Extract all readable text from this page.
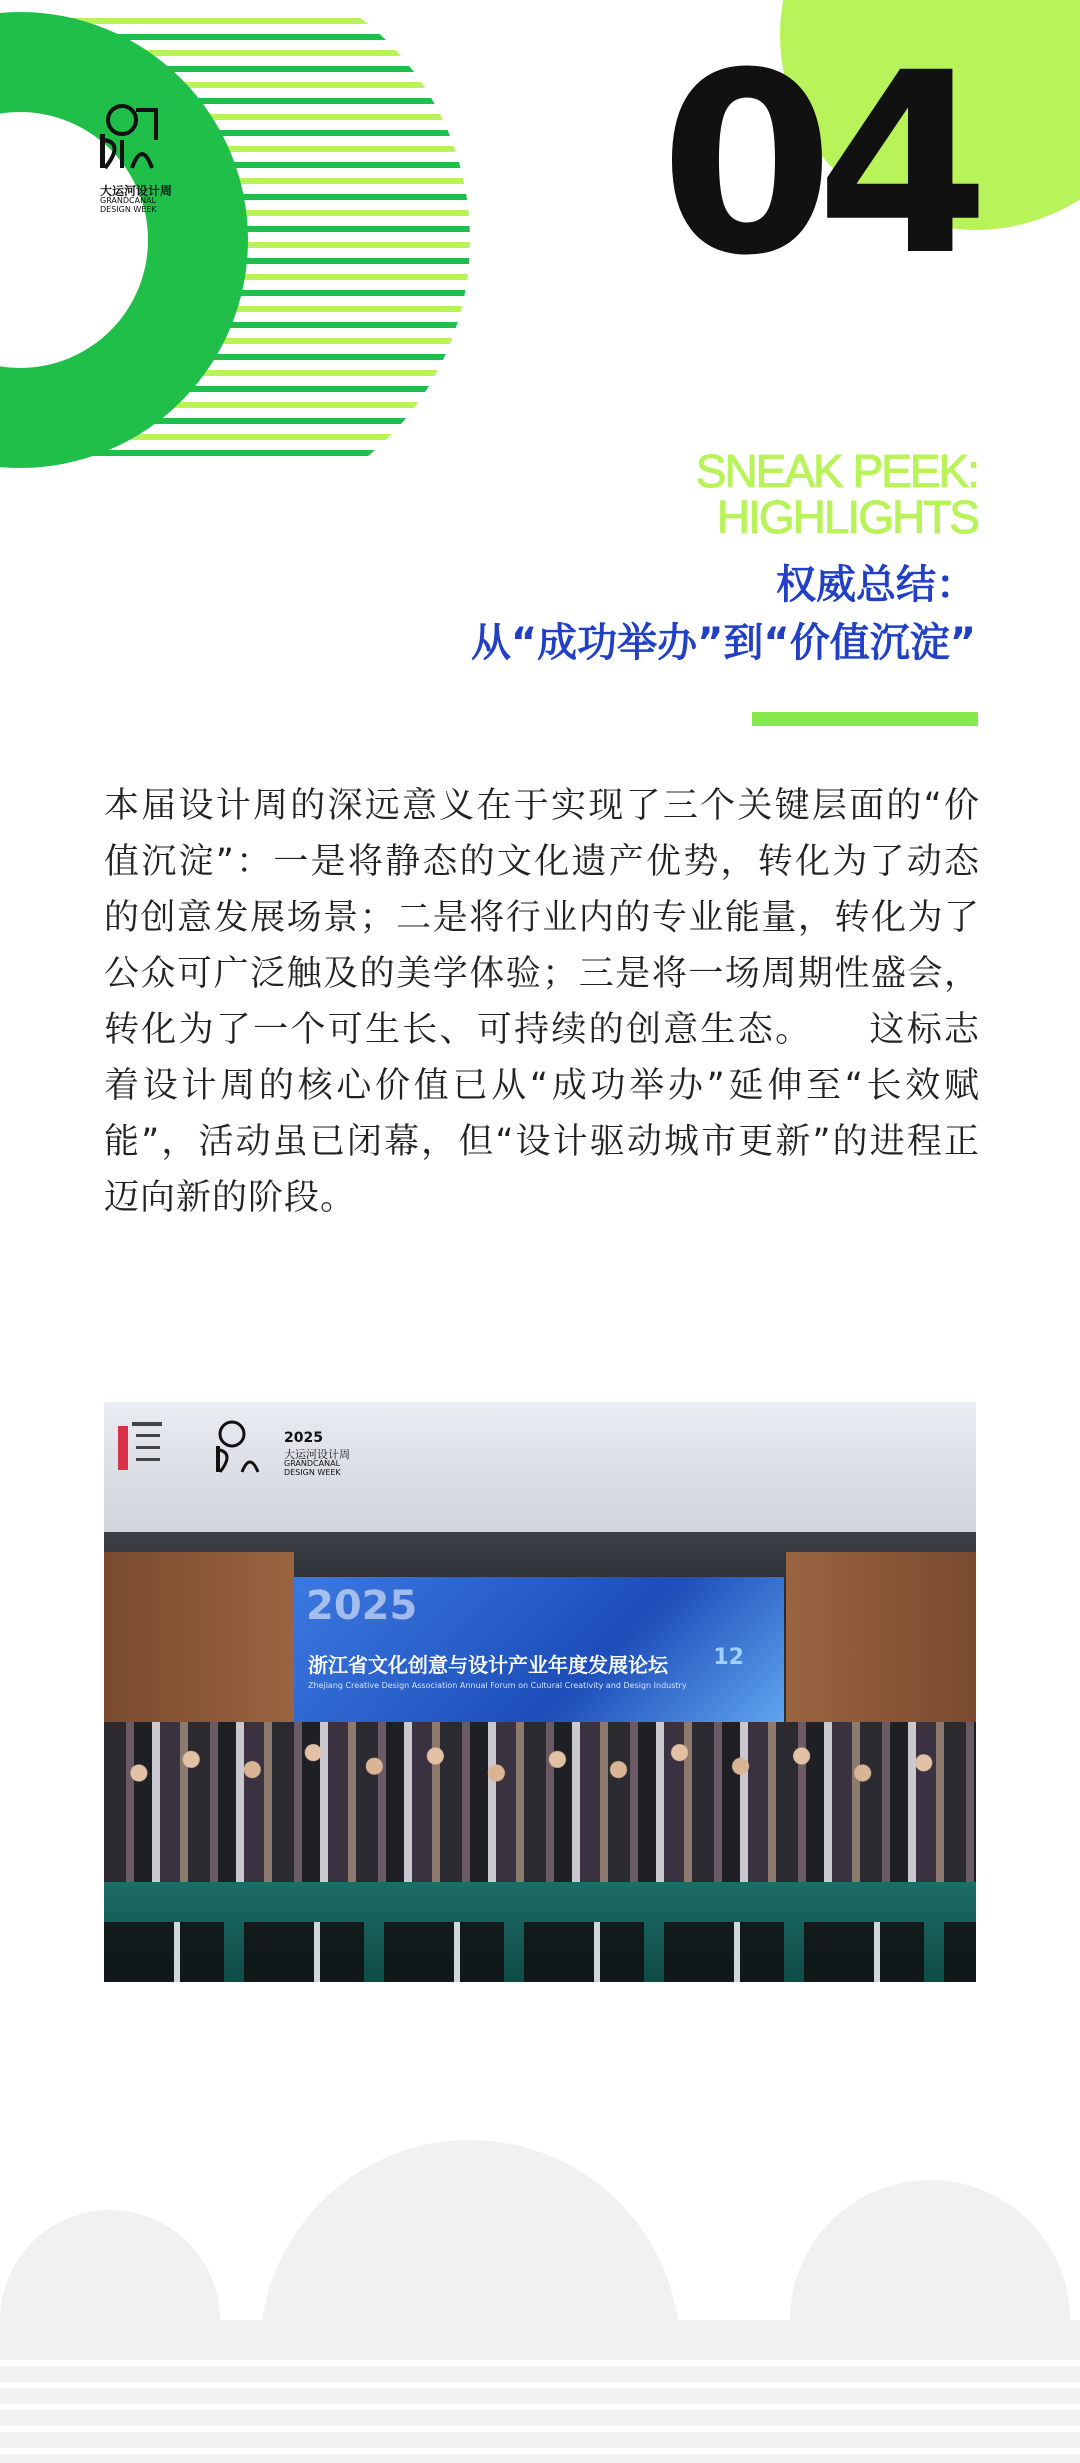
04
大运河设计周
GRANDCANAL
DESIGN WEEK
SNEAK PEEK:
HIGHLIGHTS
权威总结：
从“成功举办”到“价值沉淀”
本届设计周的深远意义在于实现了三个关键层面的“价值沉淀”：一是将静态的文化遗产优势，转化为了动态的创意发展场景；二是将行业内的专业能量，转化为了公众可广泛触及的美学体验；三是将一场周期性盛会，转化为了一个可生长、可持续的创意生态。　　这标志着设计周的核心价值已从“成功举办”延伸至“长效赋能”，活动虽已闭幕，但“设计驱动城市更新”的进程正迈向新的阶段。
2025
浙江省文化创意与设计产业年度发展论坛
Zhejiang Creative Design Association Annual Forum on Cultural Creativity and Design Industry
12
2025
大运河设计周
GRANDCANAL
DESIGN WEEK
